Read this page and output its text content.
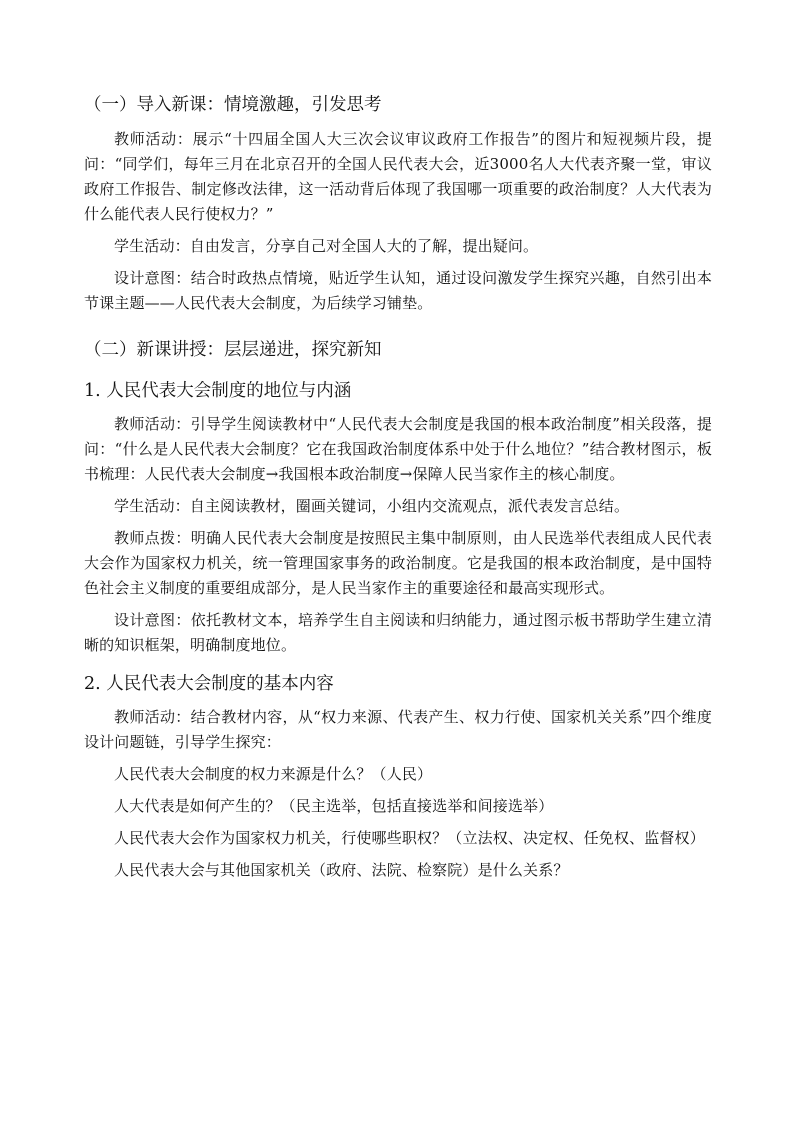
（一）导入新课：情境激趣，引发思考

教师活动：展示“十四届全国人大三次会议审议政府工作报告”的图片和短视频片段，提问：“同学们，每年三月在北京召开的全国人民代表大会，近3000名人大代表齐聚一堂，审议政府工作报告、制定修改法律，这一活动背后体现了我国哪一项重要的政治制度？人大代表为什么能代表人民行使权力？”

学生活动：自由发言，分享自己对全国人大的了解，提出疑问。

设计意图：结合时政热点情境，贴近学生认知，通过设问激发学生探究兴趣，自然引出本节课主题——人民代表大会制度，为后续学习铺垫。

（二）新课讲授：层层递进，探究新知
1. 人民代表大会制度的地位与内涵

教师活动：引导学生阅读教材中“人民代表大会制度是我国的根本政治制度”相关段落，提问：“什么是人民代表大会制度？它在我国政治制度体系中处于什么地位？”结合教材图示，板书梳理：人民代表大会制度→我国根本政治制度→保障人民当家作主的核心制度。

学生活动：自主阅读教材，圈画关键词，小组内交流观点，派代表发言总结。

教师点拨：明确人民代表大会制度是按照民主集中制原则，由人民选举代表组成人民代表大会作为国家权力机关，统一管理国家事务的政治制度。它是我国的根本政治制度，是中国特色社会主义制度的重要组成部分，是人民当家作主的重要途径和最高实现形式。

设计意图：依托教材文本，培养学生自主阅读和归纳能力，通过图示板书帮助学生建立清晰的知识框架，明确制度地位。

2. 人民代表大会制度的基本内容

教师活动：结合教材内容，从“权力来源、代表产生、权力行使、国家机关关系”四个维度设计问题链，引导学生探究：

人民代表大会制度的权力来源是什么？（人民）

人大代表是如何产生的？（民主选举，包括直接选举和间接选举）

人民代表大会作为国家权力机关，行使哪些职权？（立法权、决定权、任免权、监督权）

人民代表大会与其他国家机关（政府、法院、检察院）是什么关系？
